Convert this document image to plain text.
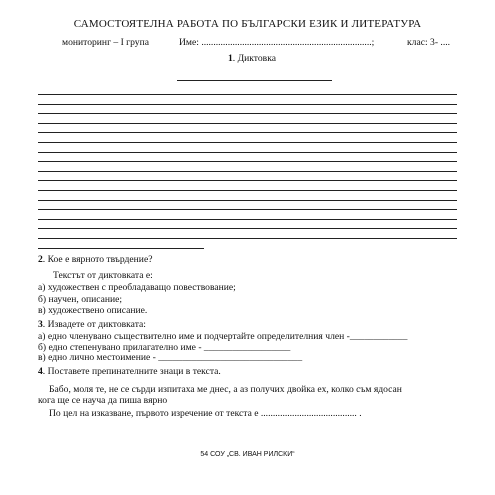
САМОСТОЯТЕЛНА РАБОТА ПО БЪЛГАРСКИ ЕЗИК И ЛИТЕРАТУРА
мониторинг – I група	Име: .......................................................................;	клас: 3- ....
1. Диктовка
2. Кое е вярното твърдение?
Текстът от диктовката е:
а) художествен с преобладаващо повествование;
б) научен, описание;
в) художествено описание.
3. Извадете от диктовката:
а) едно членувано съществително име и подчертайте определителния член -____________
б) едно степенувано прилагателно име - __________________
в) едно лично местоимение - ______________________________
4. Поставете препинателните знаци в текста.
Бабо, моля те, не се сърди изпитаха ме днес, а аз получих двойка ех, колко съм ядосан
кога ще се науча да пиша вярно
По цел на изказване, първото изречение от текста е ........................................ .
54 СОУ „СВ. ИВАН РИЛСКИ“
